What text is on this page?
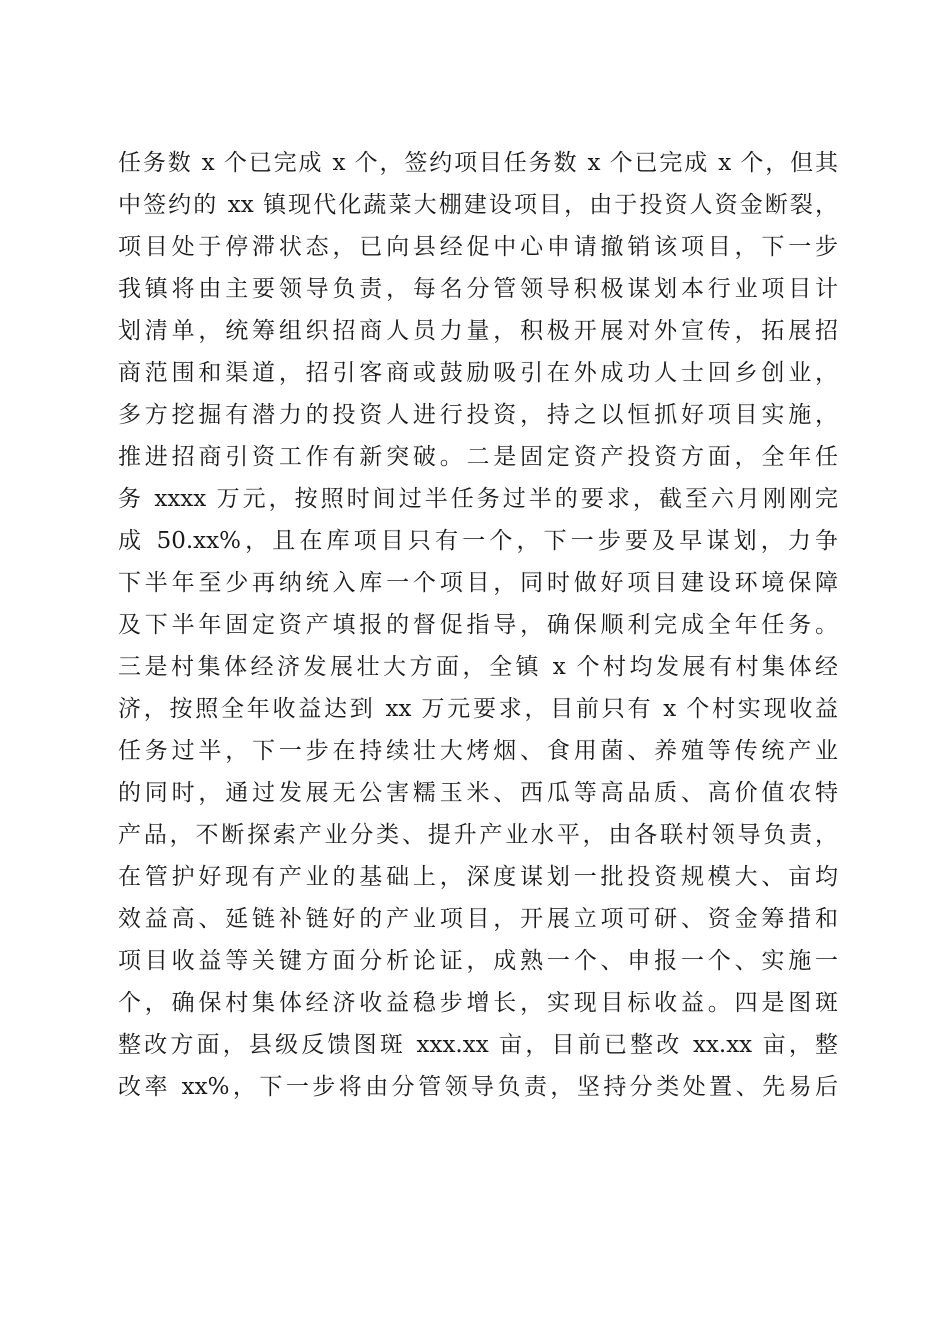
任务数 x 个已完成 x 个，签约项目任务数 x 个已完成 x 个，但其
中签约的 xx 镇现代化蔬菜大棚建设项目，由于投资人资金断裂，
项目处于停滞状态，已向县经促中心申请撤销该项目，下一步
我镇将由主要领导负责，每名分管领导积极谋划本行业项目计
划清单，统筹组织招商人员力量，积极开展对外宣传，拓展招
商范围和渠道，招引客商或鼓励吸引在外成功人士回乡创业，
多方挖掘有潜力的投资人进行投资，持之以恒抓好项目实施，
推进招商引资工作有新突破。二是固定资产投资方面，全年任
务 xxxx 万元，按照时间过半任务过半的要求，截至六月刚刚完
成 50.xx%，且在库项目只有一个，下一步要及早谋划，力争
下半年至少再纳统入库一个项目，同时做好项目建设环境保障
及下半年固定资产填报的督促指导，确保顺利完成全年任务。
三是村集体经济发展壮大方面，全镇 x 个村均发展有村集体经
济，按照全年收益达到 xx 万元要求，目前只有 x 个村实现收益
任务过半，下一步在持续壮大烤烟、食用菌、养殖等传统产业
的同时，通过发展无公害糯玉米、西瓜等高品质、高价值农特
产品，不断探索产业分类、提升产业水平，由各联村领导负责，
在管护好现有产业的基础上，深度谋划一批投资规模大、亩均
效益高、延链补链好的产业项目，开展立项可研、资金筹措和
项目收益等关键方面分析论证，成熟一个、申报一个、实施一
个，确保村集体经济收益稳步增长，实现目标收益。四是图斑
整改方面，县级反馈图斑 xxx.xx 亩，目前已整改 xx.xx 亩，整
改率 xx%，下一步将由分管领导负责，坚持分类处置、先易后
